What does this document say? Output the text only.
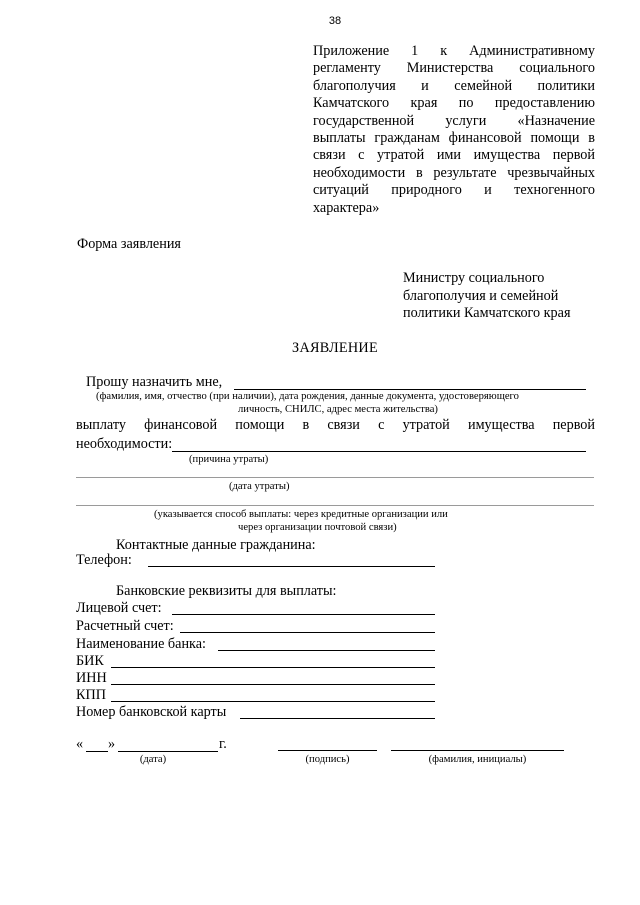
38
Приложение 1 к Административному
регламенту Министерства социального
благополучия и семейной политики
Камчатского края по предоставлению
государственной услуги «Назначение
выплаты гражданам финансовой помощи в
связи с утратой ими имущества первой
необходимости в результате чрезвычайных
ситуаций природного и техногенного
характера»
Форма заявления
Министру социального
благополучия и семейной
политики Камчатского края
ЗАЯВЛЕНИЕ
Прошу назначить мне,
(фамилия, имя, отчество (при наличии), дата рождения, данные документа, удостоверяющего
личность, СНИЛС, адрес места жительства)
выплату финансовой помощи в связи с утратой имущества первой
необходимости:
(причина утраты)
(дата утраты)
(указывается способ выплаты: через кредитные организации или
через организации почтовой связи)
Контактные данные гражданина:
Телефон:
Банковские реквизиты для выплаты:
Лицевой счет:
Расчетный счет:
Наименование банка:
БИК
ИНН
КПП
Номер банковской карты
« »	г.
(дата)	(подпись)	(фамилия, инициалы)
